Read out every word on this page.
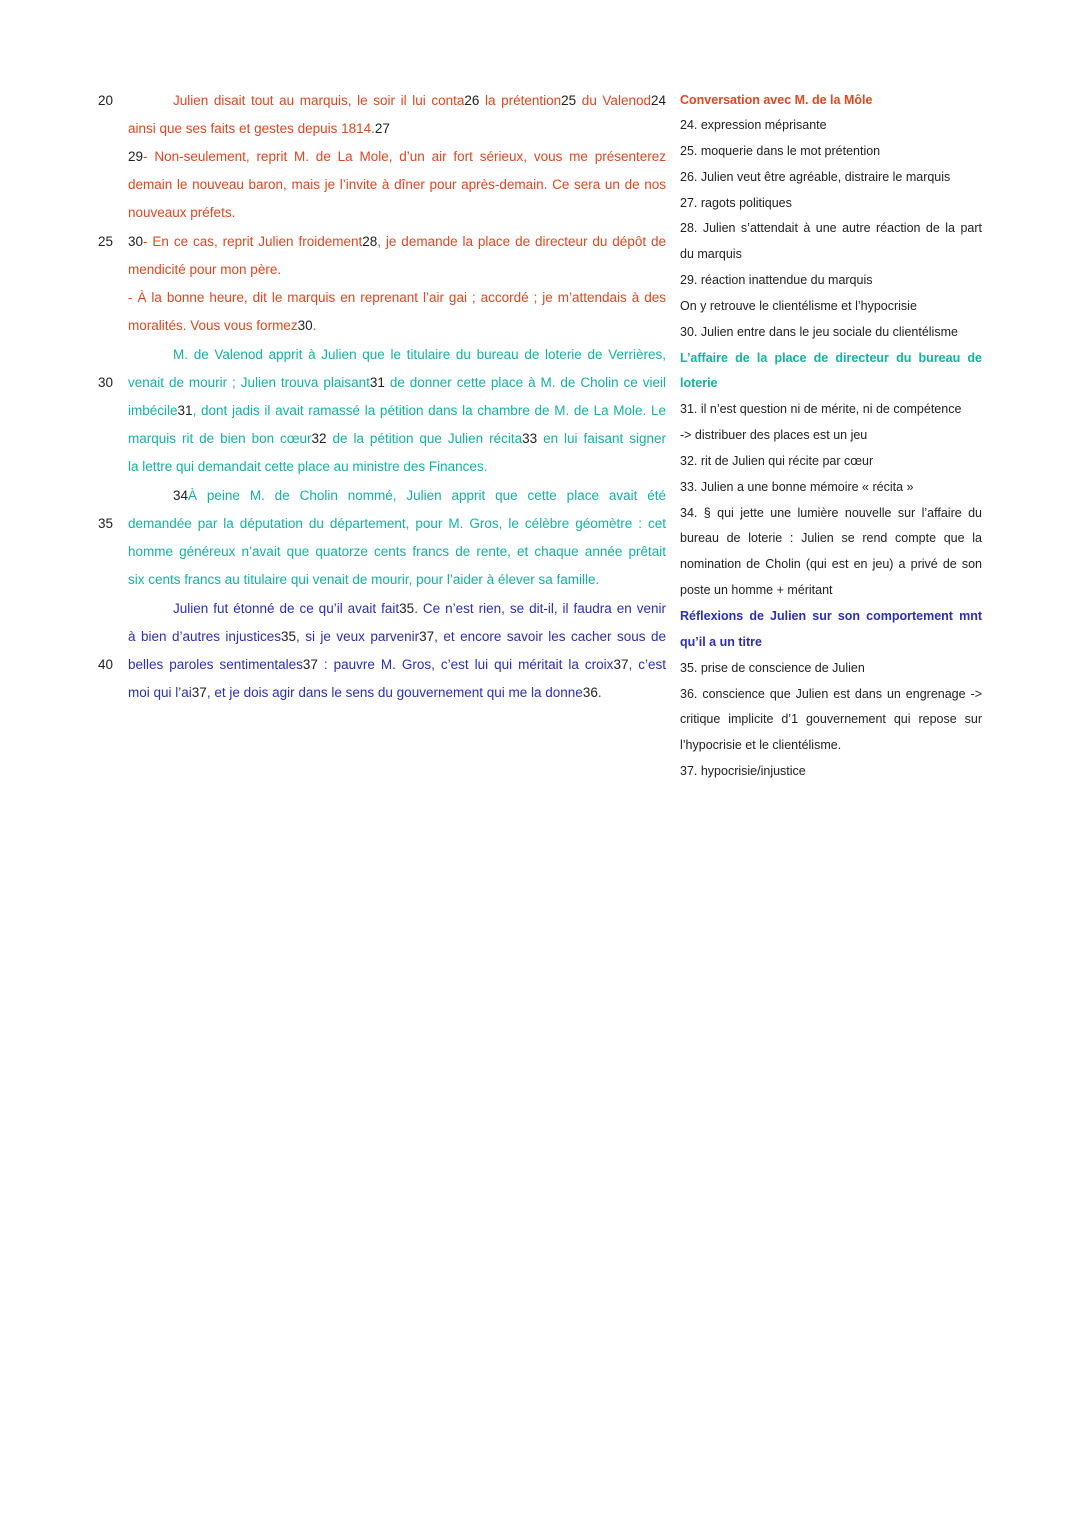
20
25
30
35
40
Julien disait tout au marquis, le soir il lui conta26 la prétention25 du Valenod24
ainsi que ses faits et gestes depuis 1814.27
29- Non-seulement, reprit M. de La Mole, d’un air fort sérieux, vous me présenterez
demain le nouveau baron, mais je l’invite à dîner pour après-demain. Ce sera un de nos
nouveaux préfets.
30- En ce cas, reprit Julien froidement28, je demande la place de directeur du dépôt de
mendicité pour mon père.
- À la bonne heure, dit le marquis en reprenant l’air gai ; accordé ; je m’attendais à des
moralités. Vous vous formez30.
M. de Valenod apprit à Julien que le titulaire du bureau de loterie de Verrières,
venait de mourir ; Julien trouva plaisant31 de donner cette place à M. de Cholin ce vieil
imbécile31, dont jadis il avait ramassé la pétition dans la chambre de M. de La Mole. Le
marquis rit de bien bon cœur32 de la pétition que Julien récita33 en lui faisant signer
la lettre qui demandait cette place au ministre des Finances.
34À peine M. de Cholin nommé, Julien apprit que cette place avait été
demandée par la députation du département, pour M. Gros, le célèbre géomètre : cet
homme généreux n’avait que quatorze cents francs de rente, et chaque année prêtait
six cents francs au titulaire qui venait de mourir, pour l’aider à élever sa famille.
Julien fut étonné de ce qu’il avait fait35. Ce n’est rien, se dit-il, il faudra en venir
à bien d’autres injustices35, si je veux parvenir37, et encore savoir les cacher sous de
belles paroles sentimentales37 : pauvre M. Gros, c’est lui qui méritait la croix37, c’est
moi qui l’ai37, et je dois agir dans le sens du gouvernement qui me la donne36.
Conversation avec M. de la Môle
24. expression méprisante
25. moquerie dans le mot prétention
26. Julien veut être agréable, distraire le marquis
27. ragots politiques
28. Julien s’attendait à une autre réaction de la part
du marquis
29. réaction inattendue du marquis
On y retrouve le clientélisme et l’hypocrisie
30. Julien entre dans le jeu sociale du clientélisme
L’affaire de la place de directeur du bureau de
loterie
31. il n’est question ni de mérite, ni de compétence
-> distribuer des places est un jeu
32. rit de Julien qui récite par cœur
33. Julien a une bonne mémoire « récita »
34. § qui jette une lumière nouvelle sur l’affaire du
bureau de loterie : Julien se rend compte que la
nomination de Cholin (qui est en jeu) a privé de son
poste un homme + méritant
Réflexions de Julien sur son comportement mnt
qu’il a un titre
35. prise de conscience de Julien
36. conscience que Julien est dans un engrenage ->
critique implicite d’1 gouvernement qui repose sur
l’hypocrisie et le clientélisme.
37. hypocrisie/injustice
